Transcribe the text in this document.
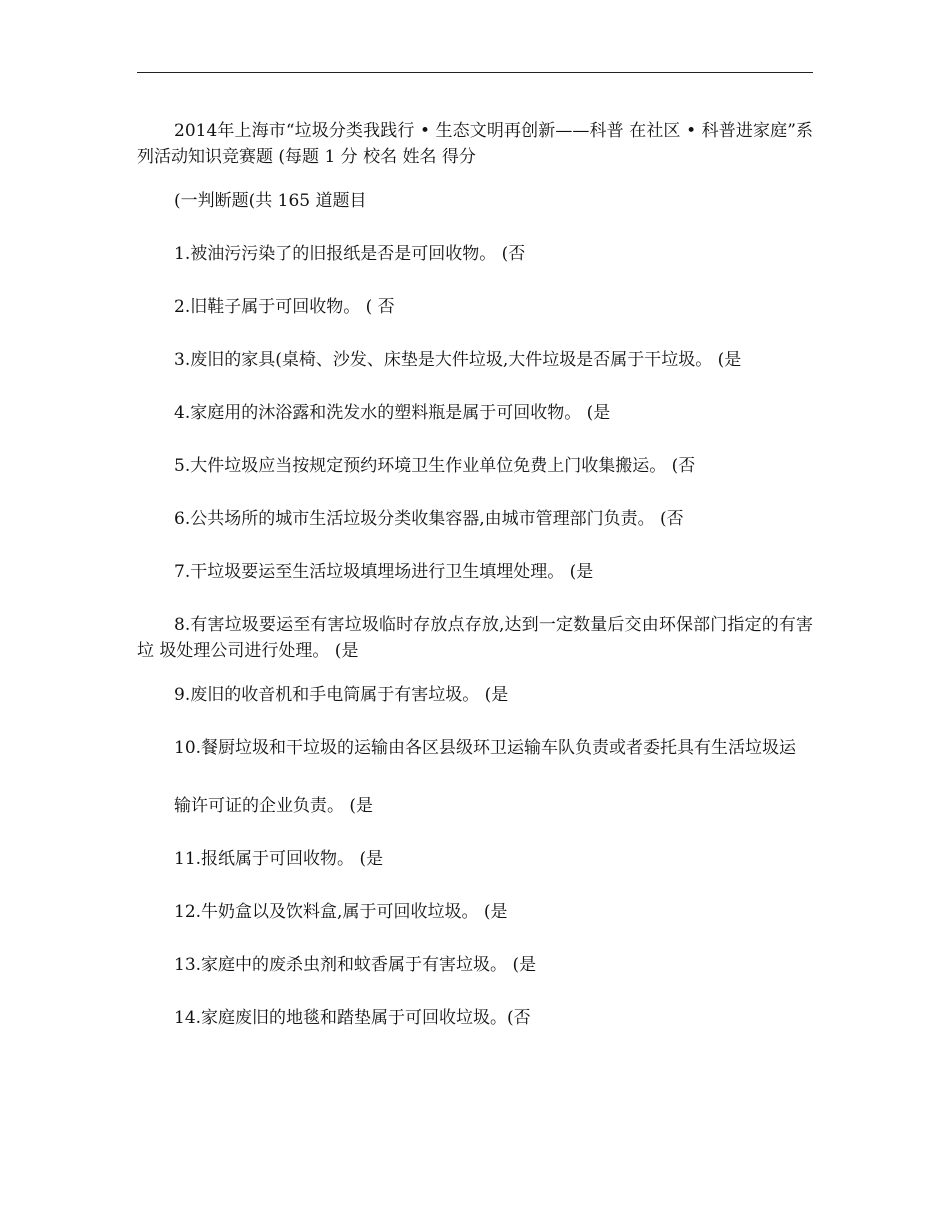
2014年上海市“垃圾分类我践行 • 生态文明再创新——科普 在社区 • 科普进家庭”系列活动知识竞赛题 (每题 1 分 校名 姓名 得分

(一判断题(共 165 道题目

1.被油污污染了的旧报纸是否是可回收物。 (否

2.旧鞋子属于可回收物。 ( 否

3.废旧的家具(桌椅、沙发、床垫是大件垃圾,大件垃圾是否属于干垃圾。 (是

4.家庭用的沐浴露和洗发水的塑料瓶是属于可回收物。 (是

5.大件垃圾应当按规定预约环境卫生作业单位免费上门收集搬运。 (否

6.公共场所的城市生活垃圾分类收集容器,由城市管理部门负责。 (否

7.干垃圾要运至生活垃圾填埋场进行卫生填埋处理。 (是

8.有害垃圾要运至有害垃圾临时存放点存放,达到一定数量后交由环保部门指定的有害垃 圾处理公司进行处理。 (是

9.废旧的收音机和手电筒属于有害垃圾。 (是

10.餐厨垃圾和干垃圾的运输由各区县级环卫运输车队负责或者委托具有生活垃圾运

输许可证的企业负责。 (是

11.报纸属于可回收物。 (是

12.牛奶盒以及饮料盒,属于可回收垃圾。 (是

13.家庭中的废杀虫剂和蚊香属于有害垃圾。 (是

14.家庭废旧的地毯和踏垫属于可回收垃圾。(否
